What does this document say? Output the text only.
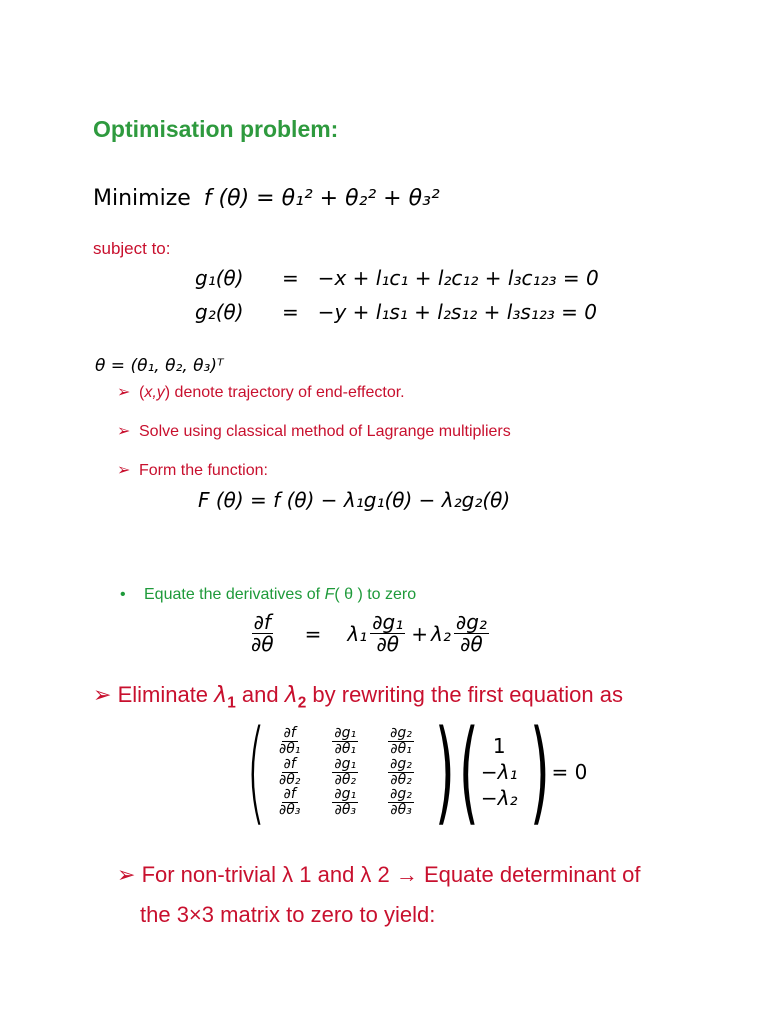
Optimisation problem:
Minimize f (θ) = θ₁² + θ₂² + θ₃²
subject to:
g₁(θ) = −x + l₁c₁ + l₂c₁₂ + l₃c₁₂₃ = 0
g₂(θ) = −y + l₁s₁ + l₂s₁₂ + l₃s₁₂₃ = 0
θ = (θ₁, θ₂, θ₃)ᵀ
➢ (x,y) denote trajectory of end-effector.
➢ Solve using classical method of Lagrange multipliers
➢ Form the function:
F (θ) = f (θ) − λ₁g₁(θ) − λ₂g₂(θ)
• Equate the derivatives of F( θ ) to zero
$\frac{\partial f}{\partial\theta} = \lambda_1 \frac{\text{∂g₁}}{\partial\theta} + \lambda_2 \frac{\text{∂g₂}}{\partial\theta}$
➢ Eliminate $\lambda_1$ and $\lambda_2$ by rewriting the first equation as
( $\frac{\partial f}{\text{∂θ₁}}$	$\frac{\text{∂g₁}}{\text{∂θ₁}}$	$\frac{\text{∂g₂}}{\text{∂θ₁}}$

$\frac{\partial f}{\text{∂θ₂}}$	$\frac{\text{∂g₁}}{\text{∂θ₂}}$	$\frac{\text{∂g₂}}{\text{∂θ₂}}$

$\frac{\partial f}{\text{∂θ₃}}$	$\frac{\text{∂g₁}}{\text{∂θ₃}}$	$\frac{\text{∂g₂}}{\text{∂θ₃}}$ ) ( 1
−λ₁
−λ₂ ) = 0
➢ For non-trivial λ 1 and λ 2 → Equate determinant of
the 3×3 matrix to zero to yield:
